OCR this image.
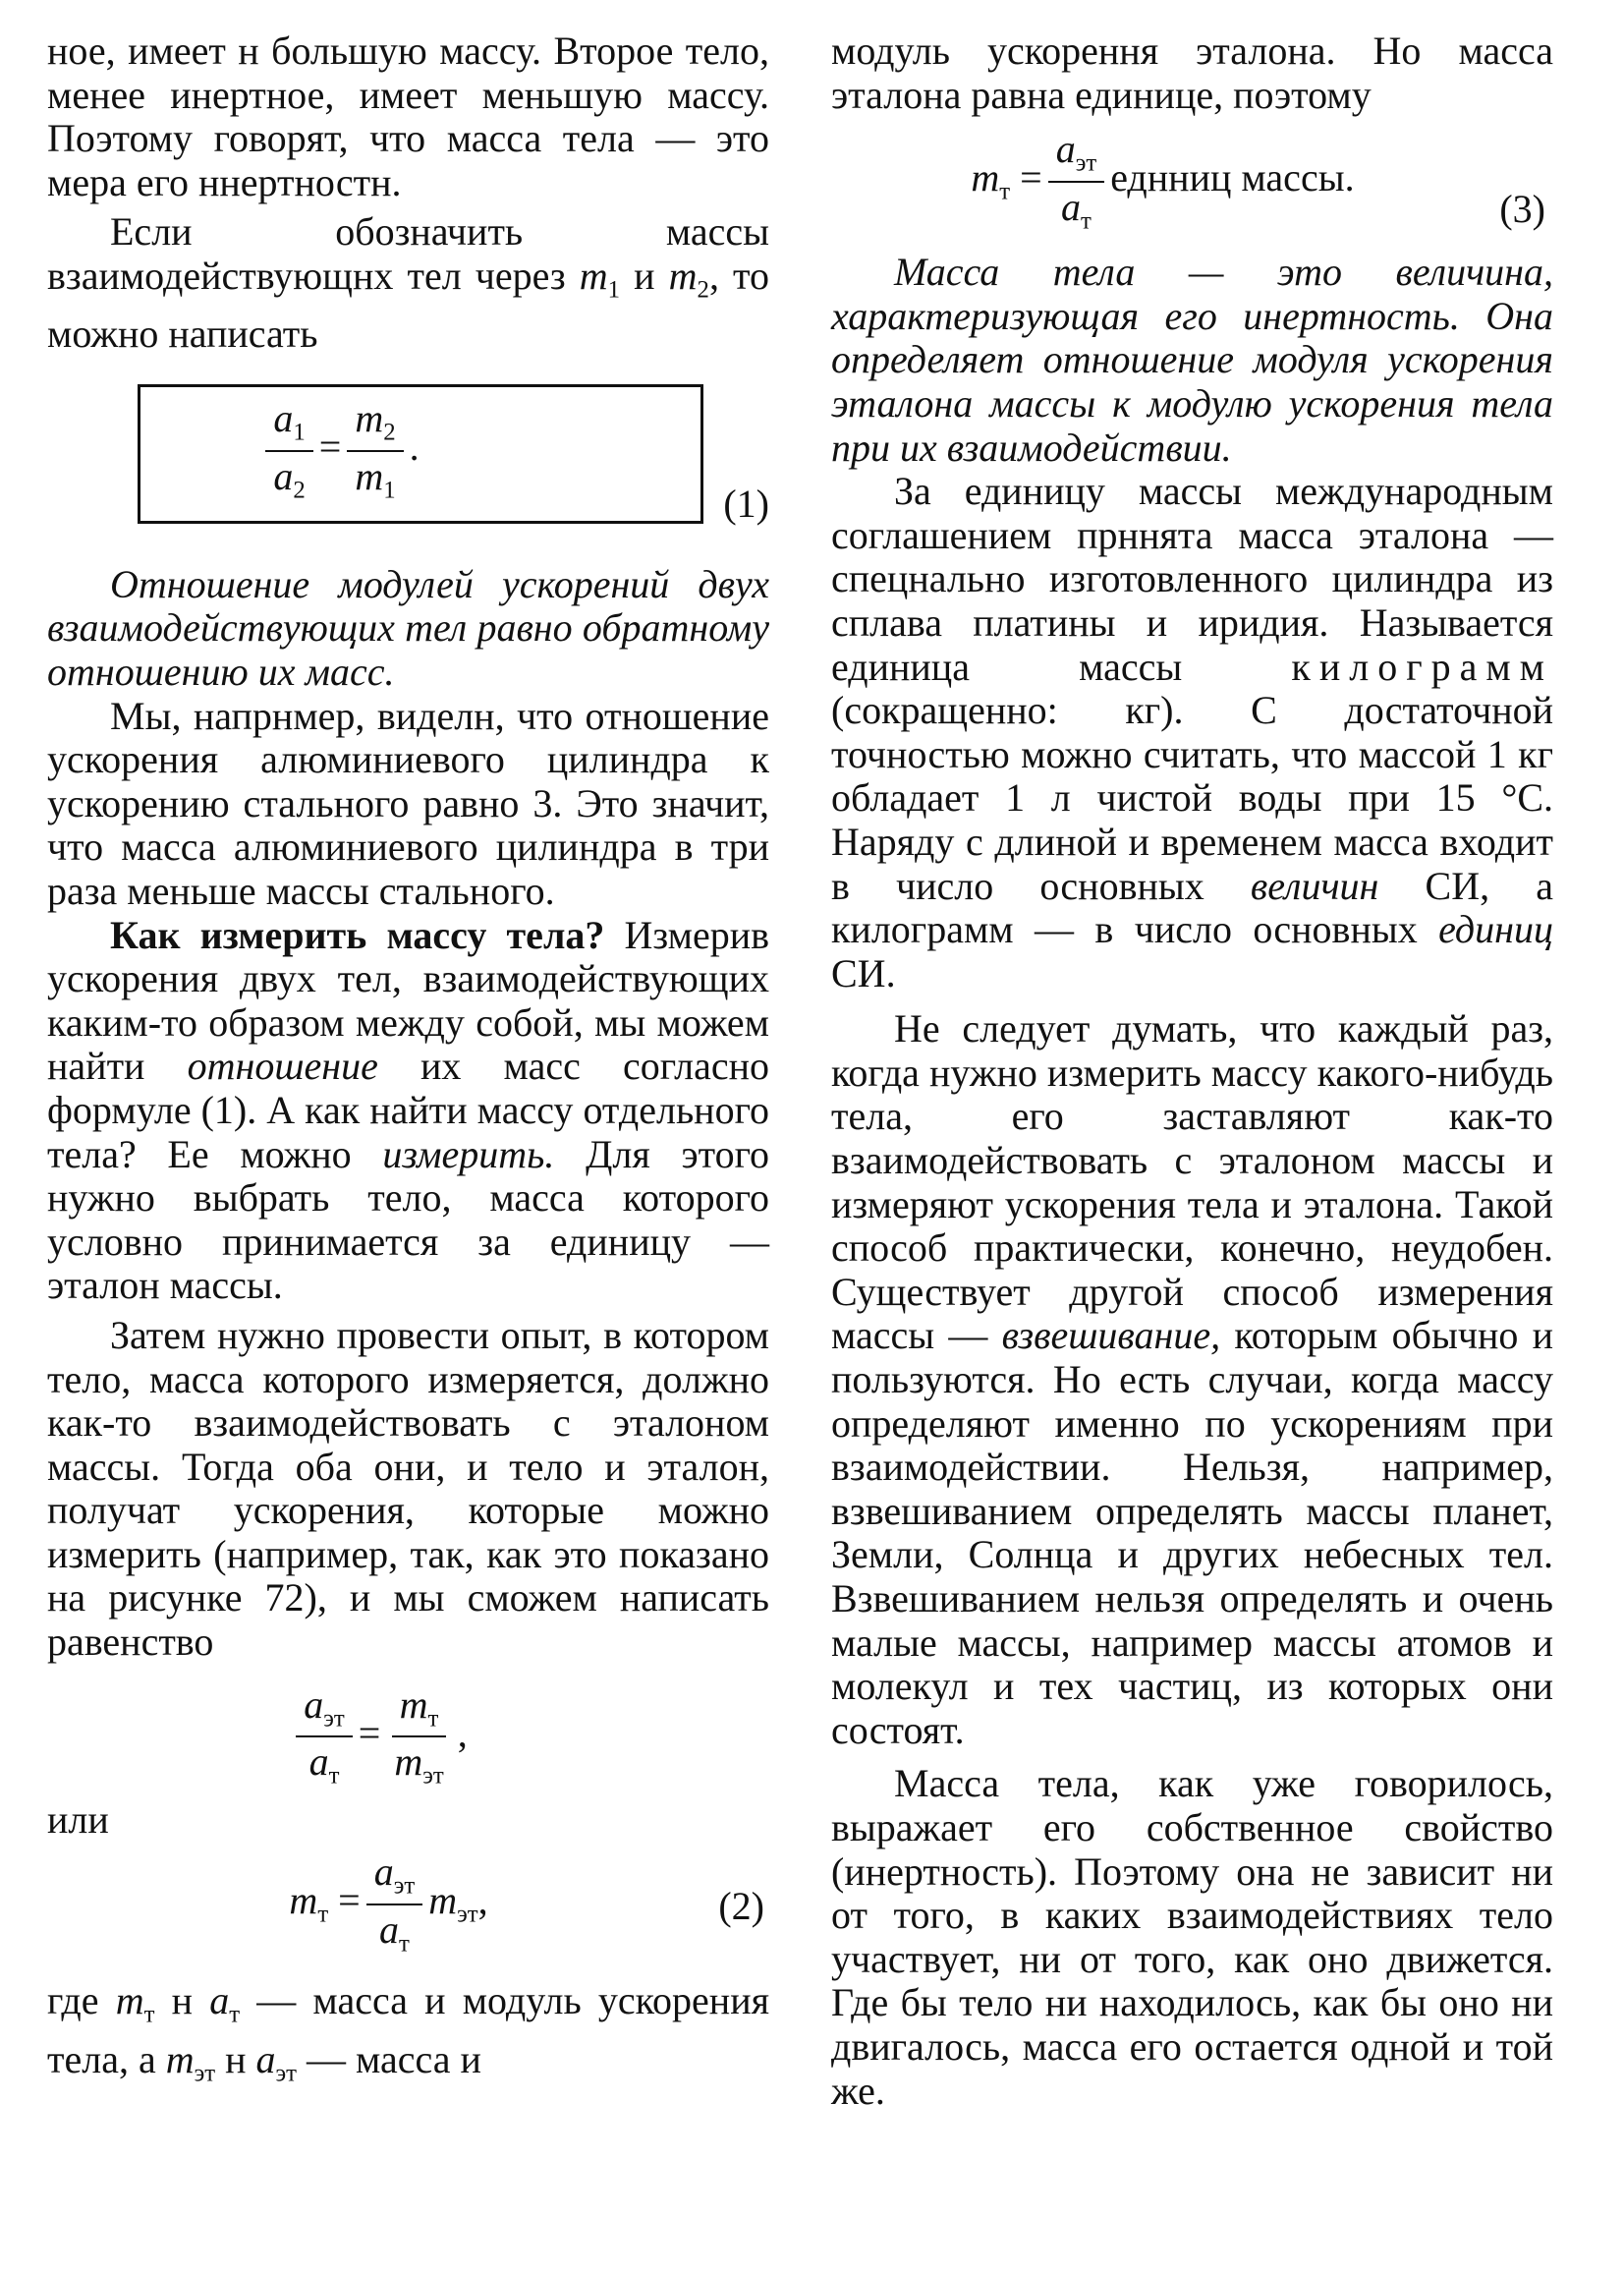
ное, имеет н большую массу. Второе тело, менее инертное, имеет меньшую массу. Поэтому говорят, что масса тела — это мера его ннертностн.

Если обозначить массы взаимодействующнх тел через $m_1$ и $m_2$, то можно написать

$\frac{a_1}{a_2} = \frac{m_2}{m_1}$ .
(1)

Отношение модулей ускорений двух взаимодействующих тел равно обратному отношению их масс.

Мы, напрнмер, виделн, что отношение ускорения алюминиевого цилиндра к ускорению стального равно 3. Это значит, что масса алюминиевого цилиндра в три раза меньше массы стального.

Как измерить массу тела? Измерив ускорения двух тел, взаимодействующих каким-то образом между собой, мы можем найти отношение их масс согласно формуле (1). А как найти массу отдельного тела? Ее можно измерить. Для этого нужно выбрать тело, масса которого условно принимается за единицу — эталон массы.

Затем нужно провести опыт, в котором тело, масса которого измеряется, должно как-то взаимодействовать с эталоном массы. Тогда оба они, и тело и эталон, получат ускорения, которые можно измерить (например, так, как это показано на рисунке 72), и мы сможем написать равенство

$\frac{a_{эт}}{a_т} = \frac{m_т}{m_{эт}}$ ,

или

$m_т = \frac{a_{эт}}{a_т} m_{эт}$,	(2)

где $m_т$ н $a_т$ — масса и модуль ускорения тела, а $m_{эт}$ н $a_{эт}$ — масса и

модуль ускорення эталона. Но масса эталона равна единице, поэтому

$m_т = \frac{a_{эт}}{a_т}$ еднниц массы.
(3)

Масса тела — это величина, характеризующая его инертность. Она определяет отношение модуля ускорения эталона массы к модулю ускорения тела при их взаимодействии.

За единицу массы международным соглашением прннята масса эталона — спецнально изготовленного цилиндра из сплава платины и иридия. Называется единица массы килограмм (сокращенно: кг). С достаточной точностью можно считать, что массой 1 кг обладает 1 л чистой воды при 15 °C. Наряду с длиной и временем масса входит в число основных величин СИ, а килограмм — в число основных единиц СИ.

Не следует думать, что каждый раз, когда нужно измерить массу какого-нибудь тела, его заставляют как-то взаимодействовать с эталоном массы и измеряют ускорения тела и эталона. Такой способ практически, конечно, неудобен. Существует другой способ измерения массы — взвешивание, которым обычно и пользуются. Но есть случаи, когда массу определяют именно по ускорениям при взаимодействии. Нельзя, например, взвешиванием определять массы планет, Земли, Солнца и других небесных тел. Взвешиванием нельзя определять и очень малые массы, например массы атомов и молекул и тех частиц, из которых они состоят.

Масса тела, как уже говорилось, выражает его собственное свойство (инертность). Поэтому она не зависит ни от того, в каких взаимодействиях тело участвует, ни от того, как оно движется. Где бы тело ни находилось, как бы оно ни двигалось, масса его остается одной и той же.
